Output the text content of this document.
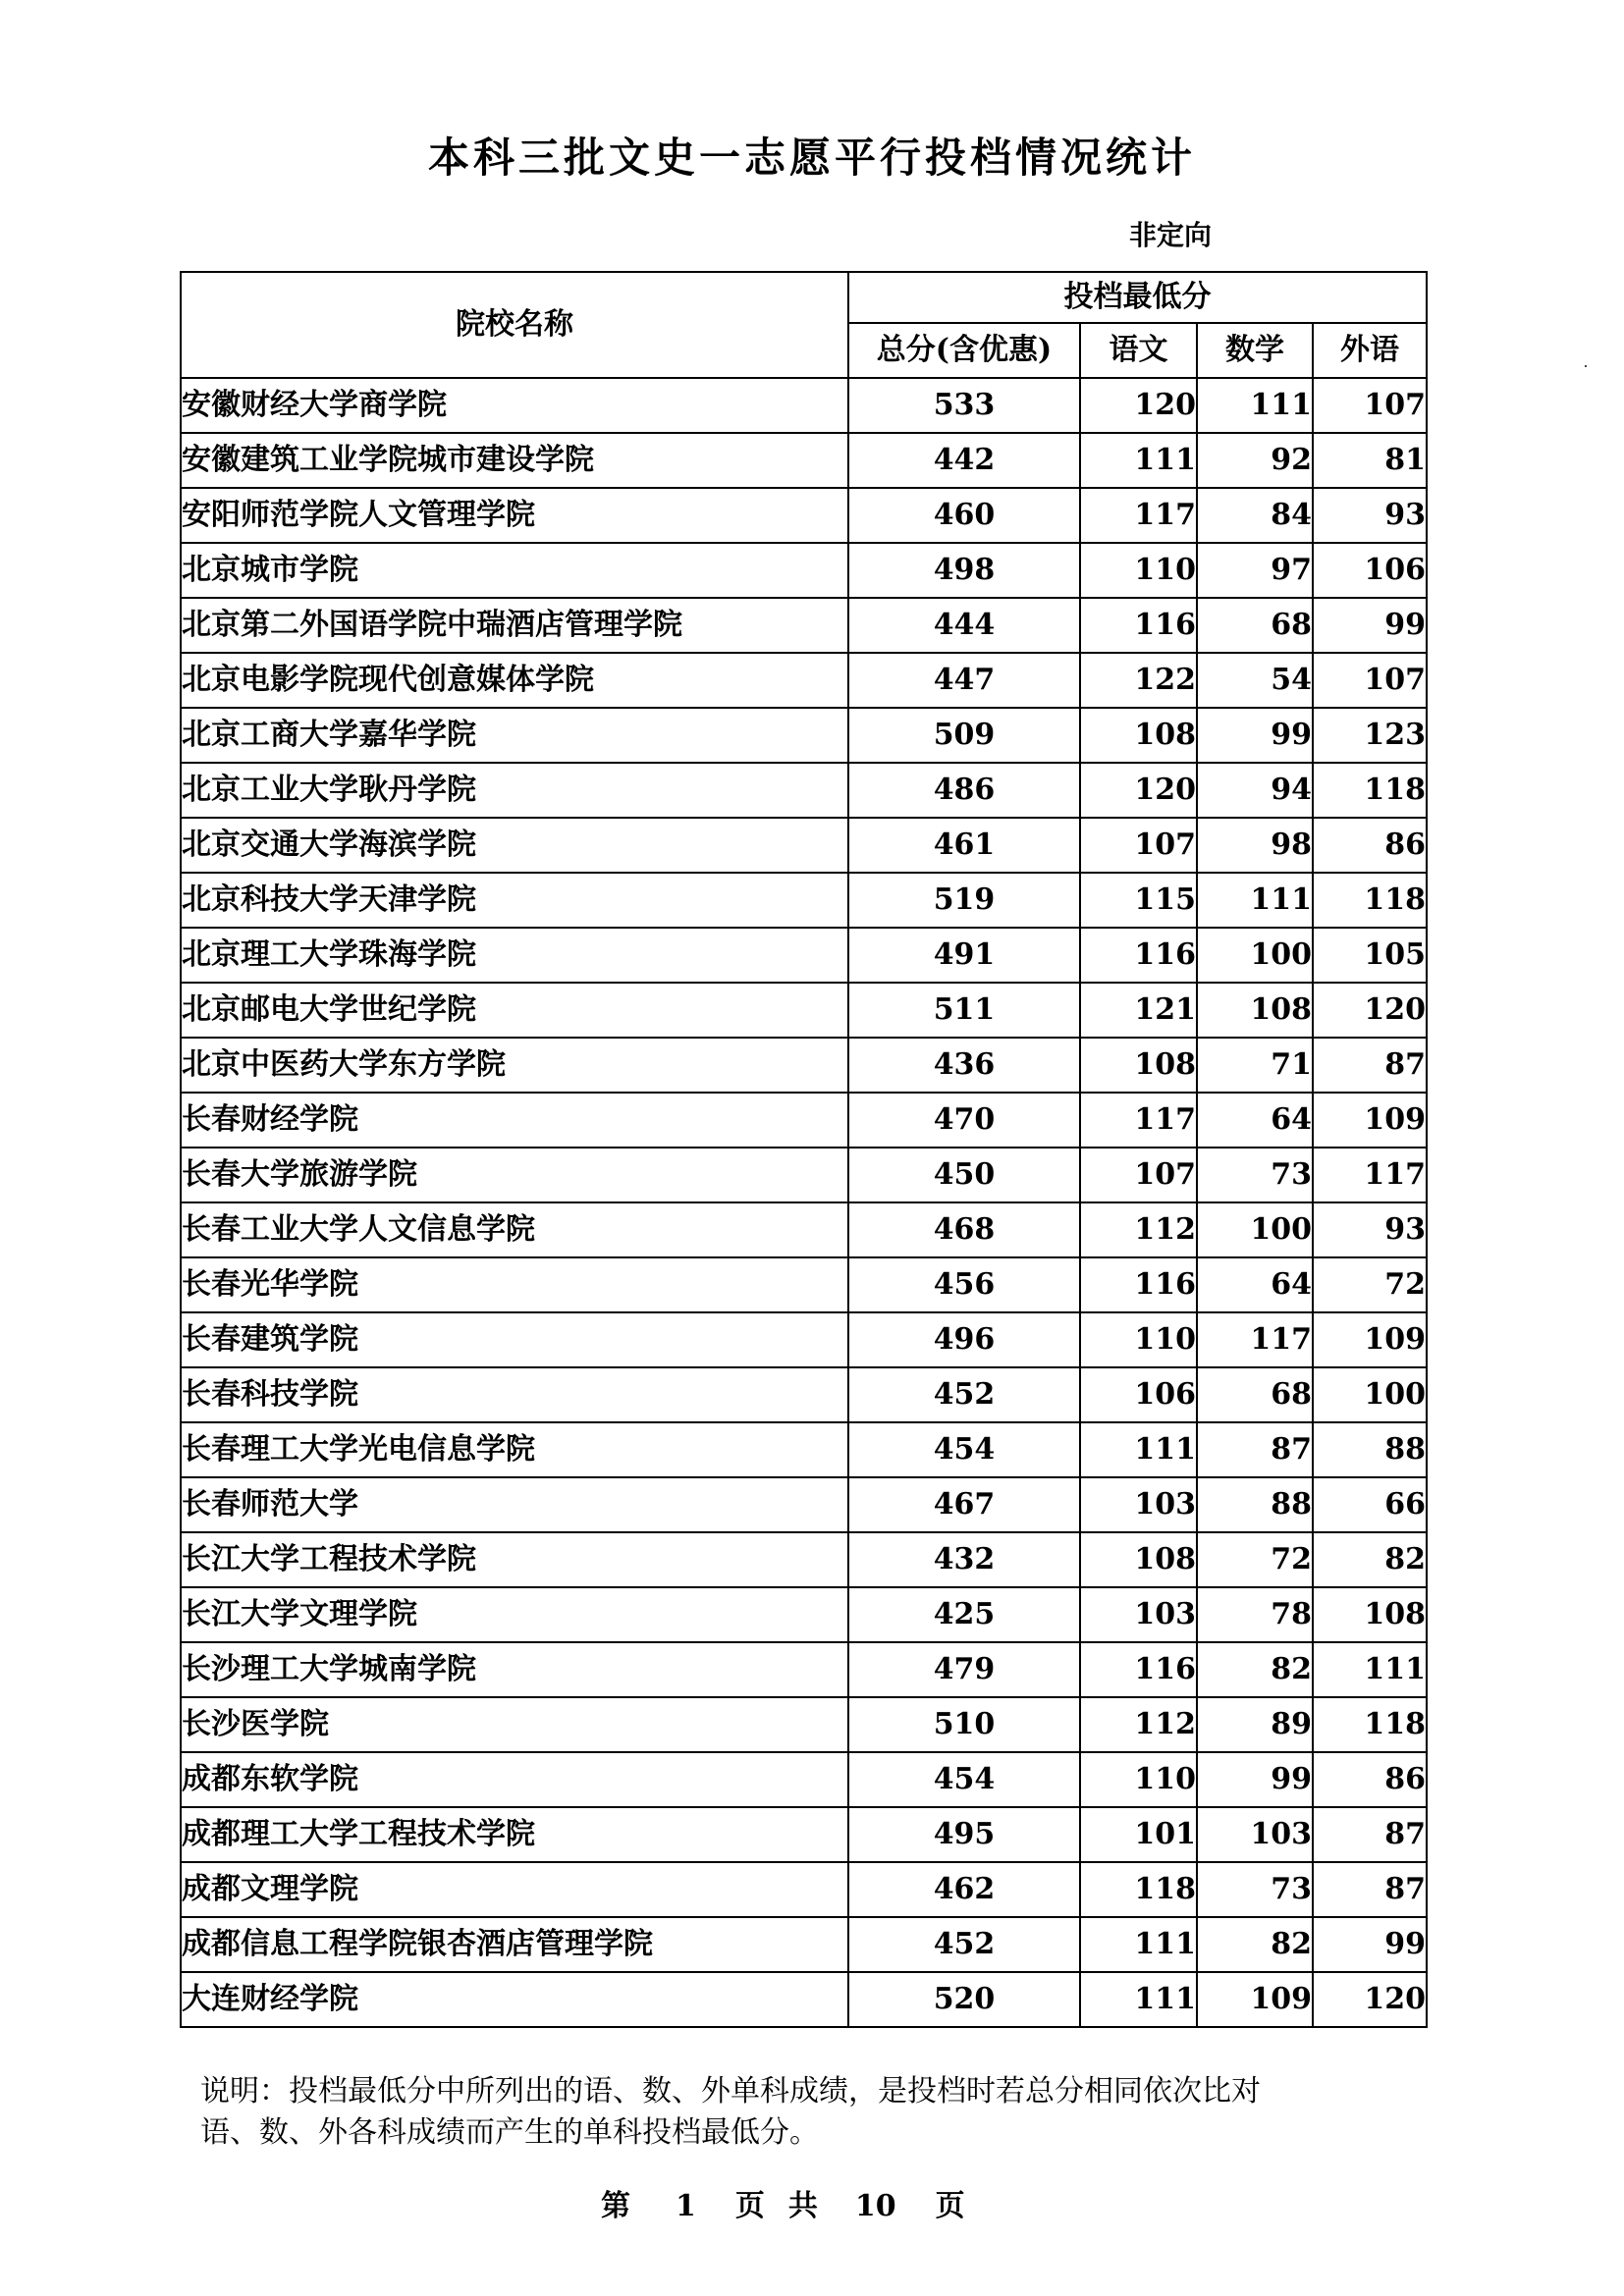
本科三批文史一志愿平行投档情况统计
非定向
院校名称	投档最低分			
	总分(含优惠)	语文	数学	外语
安徽财经大学商学院	533	120	111	107
安徽建筑工业学院城市建设学院	442	111	92	81
安阳师范学院人文管理学院	460	117	84	93
北京城市学院	498	110	97	106
北京第二外国语学院中瑞酒店管理学院	444	116	68	99
北京电影学院现代创意媒体学院	447	122	54	107
北京工商大学嘉华学院	509	108	99	123
北京工业大学耿丹学院	486	120	94	118
北京交通大学海滨学院	461	107	98	86
北京科技大学天津学院	519	115	111	118
北京理工大学珠海学院	491	116	100	105
北京邮电大学世纪学院	511	121	108	120
北京中医药大学东方学院	436	108	71	87
长春财经学院	470	117	64	109
长春大学旅游学院	450	107	73	117
长春工业大学人文信息学院	468	112	100	93
长春光华学院	456	116	64	72
长春建筑学院	496	110	117	109
长春科技学院	452	106	68	100
长春理工大学光电信息学院	454	111	87	88
长春师范大学	467	103	88	66
长江大学工程技术学院	432	108	72	82
长江大学文理学院	425	103	78	108
长沙理工大学城南学院	479	116	82	111
长沙医学院	510	112	89	118
成都东软学院	454	110	99	86
成都理工大学工程技术学院	495	101	103	87
成都文理学院	462	118	73	87
成都信息工程学院银杏酒店管理学院	452	111	82	99
大连财经学院	520	111	109	120
说明：投档最低分中所列出的语、数、外单科成绩，是投档时若总分相同依次比对
语、数、外各科成绩而产生的单科投档最低分。
第 1 页共 10 页
